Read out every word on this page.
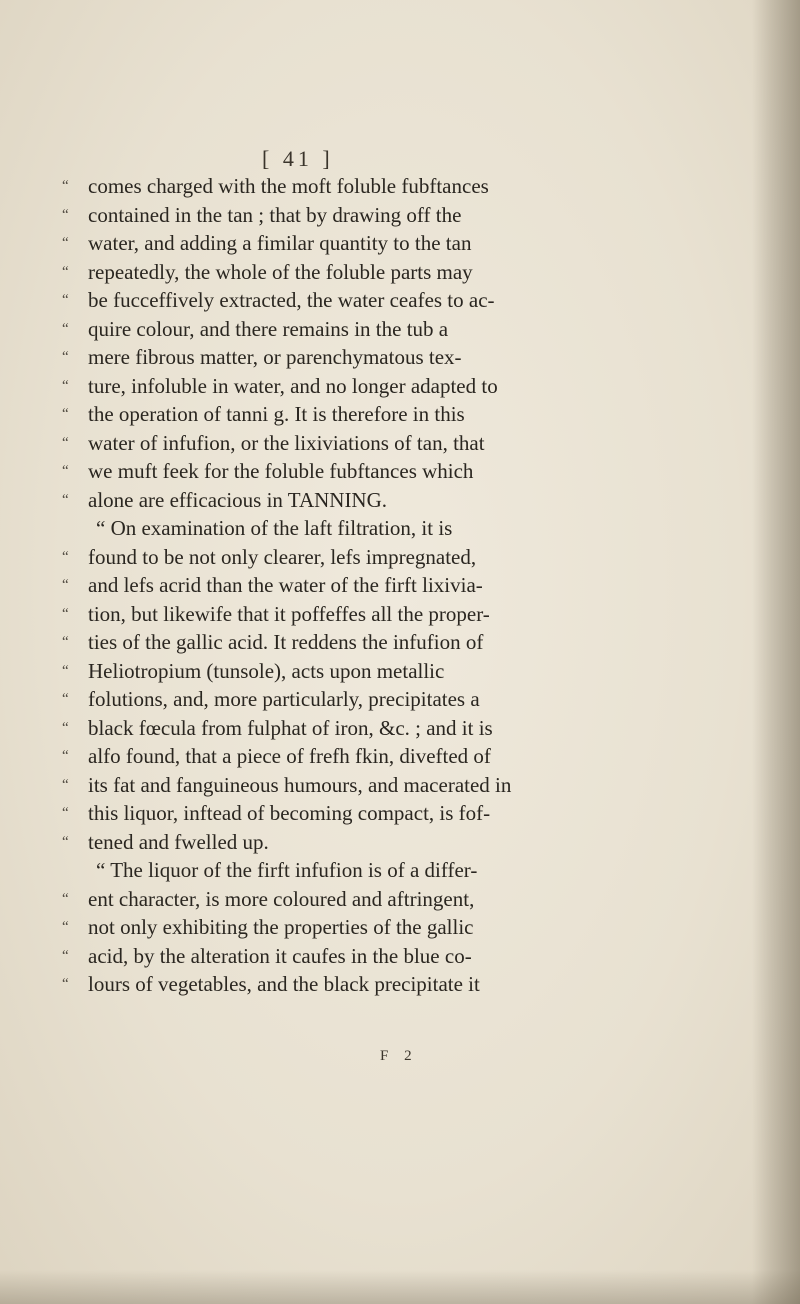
[ 41 ]
“ comes charged with the moft foluble fubftances
“ contained in the tan ; that by drawing off the
“ water, and adding a fimilar quantity to the tan
“ repeatedly, the whole of the foluble parts may
“ be fucceffively extracted, the water ceafes to ac-
“ quire colour, and there remains in the tub a
“ mere fibrous matter, or parenchymatous tex-
“ ture, infoluble in water, and no longer adapted to
“ the operation of tanni g. It is therefore in this
“ water of infufion, or the lixiviations of tan, that
“ we muft feek for the foluble fubftances which
“ alone are efficacious in TANNING.
“ On examination of the laft filtration, it is
“ found to be not only clearer, lefs impregnated,
“ and lefs acrid than the water of the firft lixivia-
“ tion, but likewife that it poffeffes all the proper-
“ ties of the gallic acid. It reddens the infufion of
“ Heliotropium (tunsole), acts upon metallic
“ folutions, and, more particularly, precipitates a
“ black fœcula from fulphat of iron, &c. ; and it is
“ alfo found, that a piece of frefh fkin, divefted of
“ its fat and fanguineous humours, and macerated in
“ this liquor, inftead of becoming compact, is fof-
“ tened and fwelled up.
“ The liquor of the firft infufion is of a differ-
“ ent character, is more coloured and aftringent,
“ not only exhibiting the properties of the gallic
“ acid, by the alteration it caufes in the blue co-
“ lours of vegetables, and the black precipitate it
F 2
